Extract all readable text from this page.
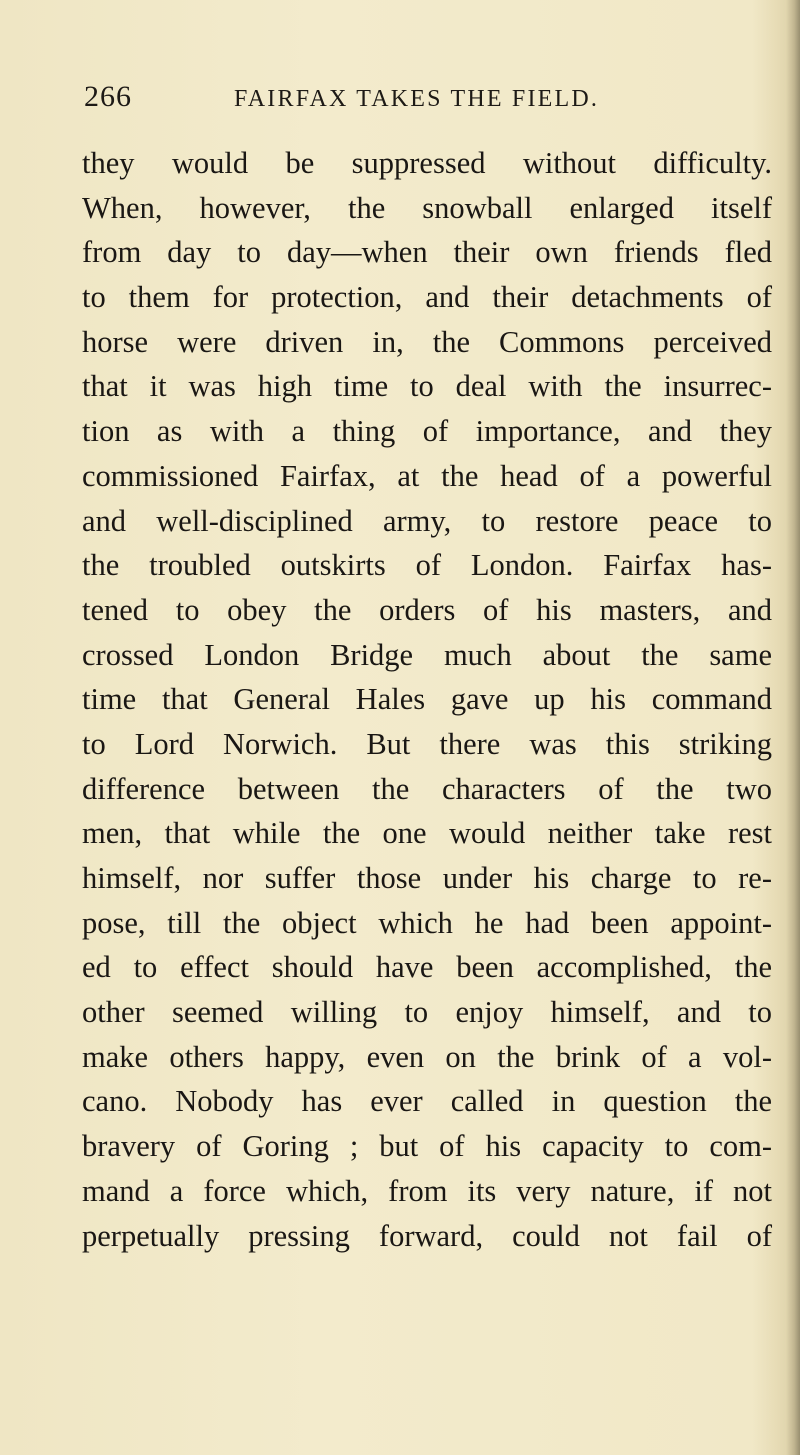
266	FAIRFAX TAKES THE FIELD.
they would be suppressed without difficulty.
When, however, the snowball enlarged itself
from day to day—when their own friends fled
to them for protection, and their detachments of
horse were driven in, the Commons perceived
that it was high time to deal with the insurrec-
tion as with a thing of importance, and they
commissioned Fairfax, at the head of a powerful
and well-disciplined army, to restore peace to
the troubled outskirts of London. Fairfax has-
tened to obey the orders of his masters, and
crossed London Bridge much about the same
time that General Hales gave up his command
to Lord Norwich. But there was this striking
difference between the characters of the two
men, that while the one would neither take rest
himself, nor suffer those under his charge to re-
pose, till the object which he had been appoint-
ed to effect should have been accomplished, the
other seemed willing to enjoy himself, and to
make others happy, even on the brink of a vol-
cano. Nobody has ever called in question the
bravery of Goring ; but of his capacity to com-
mand a force which, from its very nature, if not
perpetually pressing forward, could not fail of
